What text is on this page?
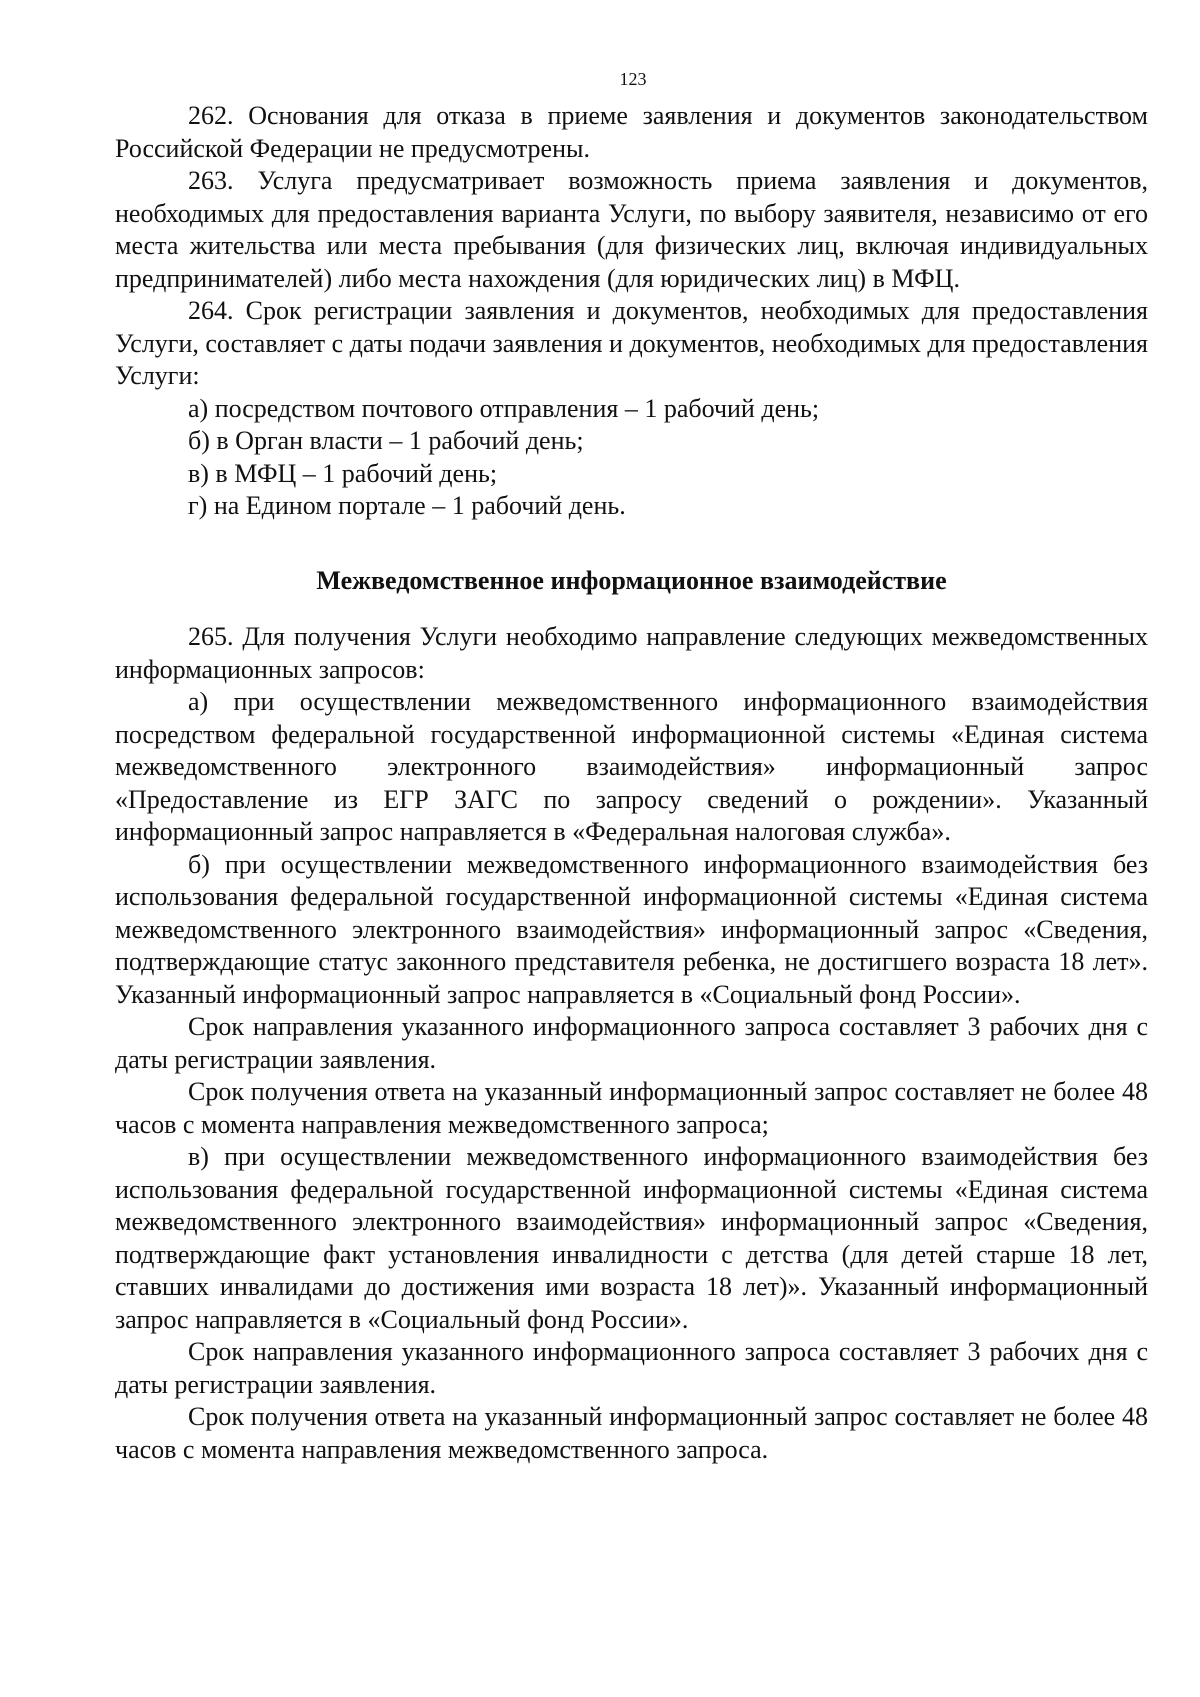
123

262. Основания для отказа в приеме заявления и документов законодательством Российской Федерации не предусмотрены.

263. Услуга предусматривает возможность приема заявления и документов, необходимых для предоставления варианта Услуги, по выбору заявителя, независимо от его места жительства или места пребывания (для физических лиц, включая индивидуальных предпринимателей) либо места нахождения (для юридических лиц) в МФЦ.

264. Срок регистрации заявления и документов, необходимых для предоставления Услуги, составляет с даты подачи заявления и документов, необходимых для предоставления Услуги:

а) посредством почтового отправления – 1 рабочий день;

б) в Орган власти – 1 рабочий день;

в) в МФЦ – 1 рабочий день;

г) на Едином портале – 1 рабочий день.

Межведомственное информационное взаимодействие

265. Для получения Услуги необходимо направление следующих межведомственных информационных запросов:

а) при осуществлении межведомственного информационного взаимодействия посредством федеральной государственной информационной системы «Единая система межведомственного электронного взаимодействия» информационный запрос «Предоставление из ЕГР ЗАГС по запросу сведений о рождении». Указанный информационный запрос направляется в «Федеральная налоговая служба».

б) при осуществлении межведомственного информационного взаимодействия без использования федеральной государственной информационной системы «Единая система межведомственного электронного взаимодействия» информационный запрос «Сведения, подтверждающие статус законного представителя ребенка, не достигшего возраста 18 лет». Указанный информационный запрос направляется в «Социальный фонд России».

Срок направления указанного информационного запроса составляет 3 рабочих дня с даты регистрации заявления.

Срок получения ответа на указанный информационный запрос составляет не более 48 часов с момента направления межведомственного запроса;

в) при осуществлении межведомственного информационного взаимодействия без использования федеральной государственной информационной системы «Единая система межведомственного электронного взаимодействия» информационный запрос «Сведения, подтверждающие факт установления инвалидности с детства (для детей старше 18 лет, ставших инвалидами до достижения ими возраста 18 лет)». Указанный информационный запрос направляется в «Социальный фонд России».

Срок направления указанного информационного запроса составляет 3 рабочих дня с даты регистрации заявления.

Срок получения ответа на указанный информационный запрос составляет не более 48 часов с момента направления межведомственного запроса.
